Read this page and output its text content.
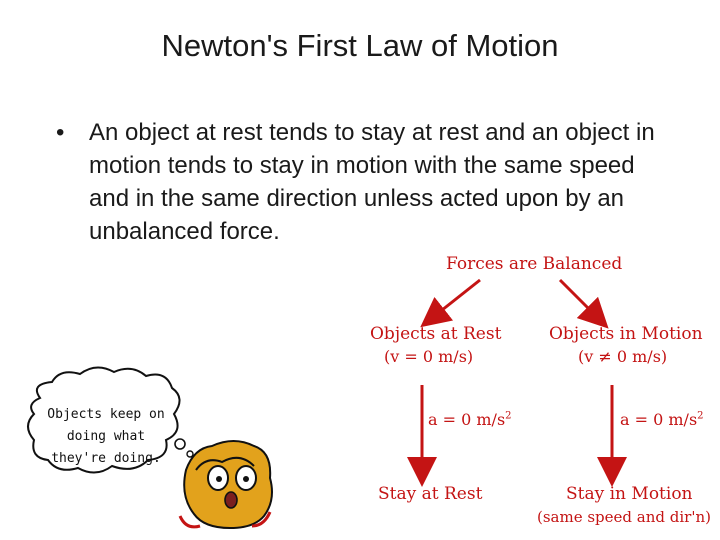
Newton's First Law of Motion
• An object at rest tends to stay at rest and an object in motion tends to stay in motion with the same speed and in the same direction unless acted upon by an unbalanced force.
Forces are Balanced
Objects at Rest
(v = 0 m/s)
a = 0 $m/s^2$
Stay at Rest
Objects in Motion
(v ≠ 0 m/s)
a = 0 $m/s^2$
Stay in Motion
(same speed and dir'n)
Objects keep on
doing what
they're doing.
